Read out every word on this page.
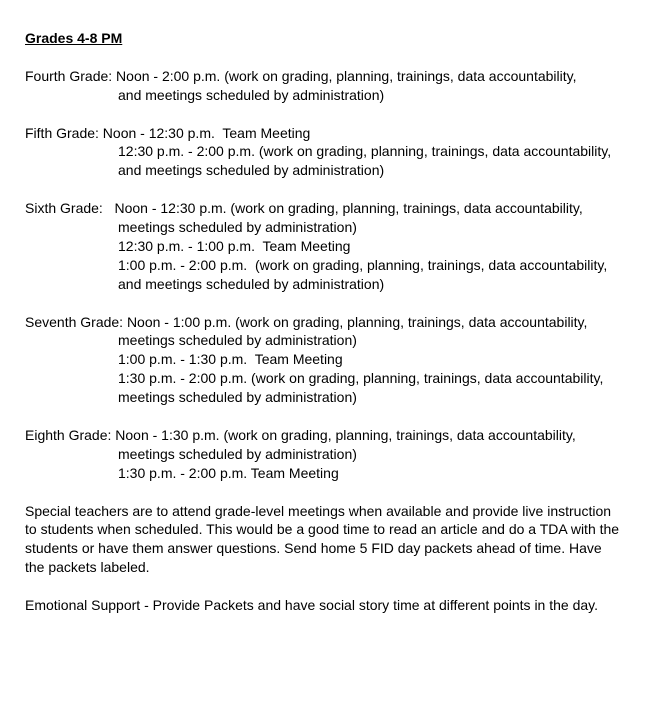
Grades 4-8 PM
Fourth Grade: Noon - 2:00 p.m. (work on grading, planning, trainings, data accountability,
and meetings scheduled by administration)
Fifth Grade: Noon - 12:30 p.m.  Team Meeting
12:30 p.m. - 2:00 p.m. (work on grading, planning, trainings, data accountability,
and meetings scheduled by administration)
Sixth Grade:   Noon - 12:30 p.m. (work on grading, planning, trainings, data accountability,
meetings scheduled by administration)
12:30 p.m. - 1:00 p.m.  Team Meeting
1:00 p.m. - 2:00 p.m.  (work on grading, planning, trainings, data accountability,
and meetings scheduled by administration)
Seventh Grade: Noon - 1:00 p.m. (work on grading, planning, trainings, data accountability,
meetings scheduled by administration)
1:00 p.m. - 1:30 p.m.  Team Meeting
1:30 p.m. - 2:00 p.m. (work on grading, planning, trainings, data accountability,
meetings scheduled by administration)
Eighth Grade: Noon - 1:30 p.m. (work on grading, planning, trainings, data accountability,
meetings scheduled by administration)
1:30 p.m. - 2:00 p.m. Team Meeting
Special teachers are to attend grade-level meetings when available and provide live instruction
to students when scheduled. This would be a good time to read an article and do a TDA with the
students or have them answer questions. Send home 5 FID day packets ahead of time. Have
the packets labeled.
Emotional Support - Provide Packets and have social story time at different points in the day.
